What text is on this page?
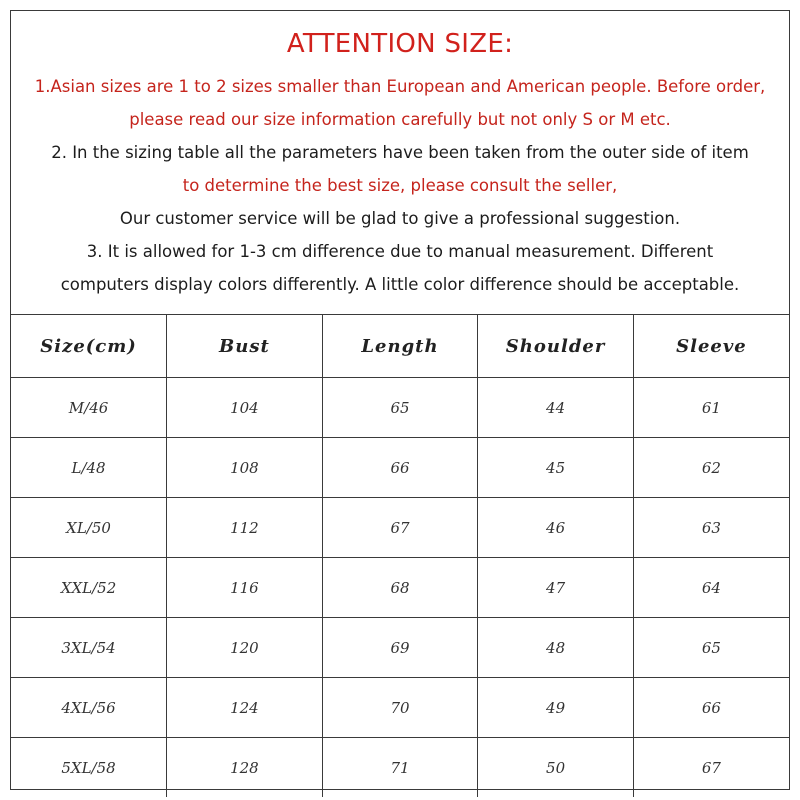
ATTENTION SIZE:
1.Asian sizes are 1 to 2 sizes smaller than European and American people. Before order,
please read our size information carefully but not only S or M etc.
2. In the sizing table all the parameters have been taken from the outer side of item
to determine the best size, please consult the seller,
Our customer service will be glad to give a professional suggestion.
3. It is allowed for 1-3 cm difference due to manual measurement. Different
computers display colors differently. A little color difference should be acceptable.
Size(cm)	Bust	Length	Shoulder	Sleeve
M/46	104	65	44	61
L/48	108	66	45	62
XL/50	112	67	46	63
XXL/52	116	68	47	64
3XL/54	120	69	48	65
4XL/56	124	70	49	66
5XL/58	128	71	50	67
